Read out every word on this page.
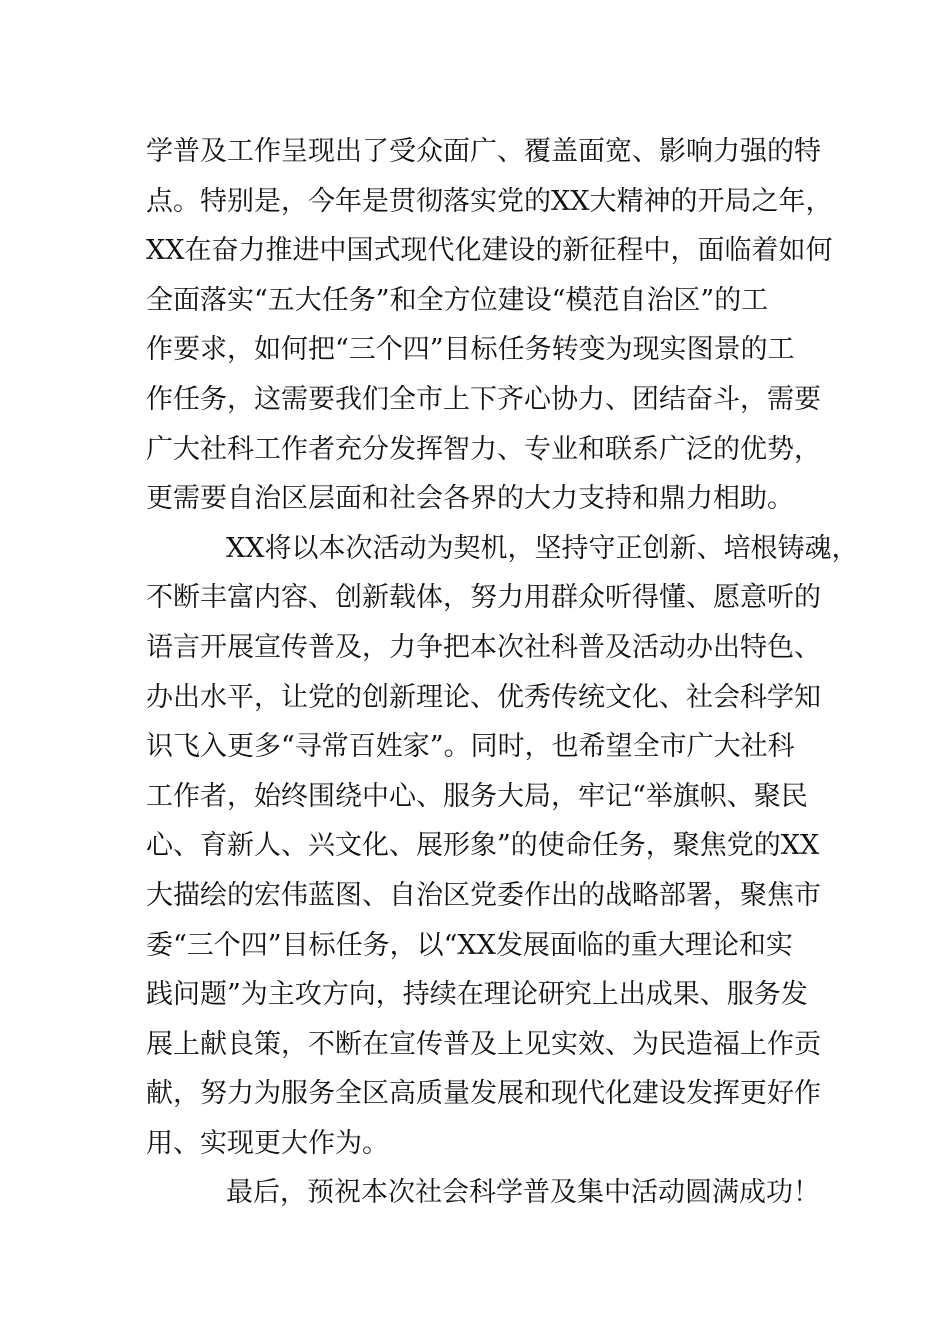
学普及工作呈现出了受众面广、覆盖面宽、影响力强的特
点。特别是，今年是贯彻落实党的XX大精神的开局之年，
XX在奋力推进中国式现代化建设的新征程中，面临着如何
全面落实“五大任务”和全方位建设“模范自治区”的工
作要求，如何把“三个四”目标任务转变为现实图景的工
作任务，这需要我们全市上下齐心协力、团结奋斗，需要
广大社科工作者充分发挥智力、专业和联系广泛的优势，
更需要自治区层面和社会各界的大力支持和鼎力相助。
XX将以本次活动为契机，坚持守正创新、培根铸魂，
不断丰富内容、创新载体，努力用群众听得懂、愿意听的
语言开展宣传普及，力争把本次社科普及活动办出特色、
办出水平，让党的创新理论、优秀传统文化、社会科学知
识飞入更多“寻常百姓家”。同时，也希望全市广大社科
工作者，始终围绕中心、服务大局，牢记“举旗帜、聚民
心、育新人、兴文化、展形象”的使命任务，聚焦党的XX
大描绘的宏伟蓝图、自治区党委作出的战略部署，聚焦市
委“三个四”目标任务，以“XX发展面临的重大理论和实
践问题”为主攻方向，持续在理论研究上出成果、服务发
展上献良策，不断在宣传普及上见实效、为民造福上作贡
献，努力为服务全区高质量发展和现代化建设发挥更好作
用、实现更大作为。
最后，预祝本次社会科学普及集中活动圆满成功！
